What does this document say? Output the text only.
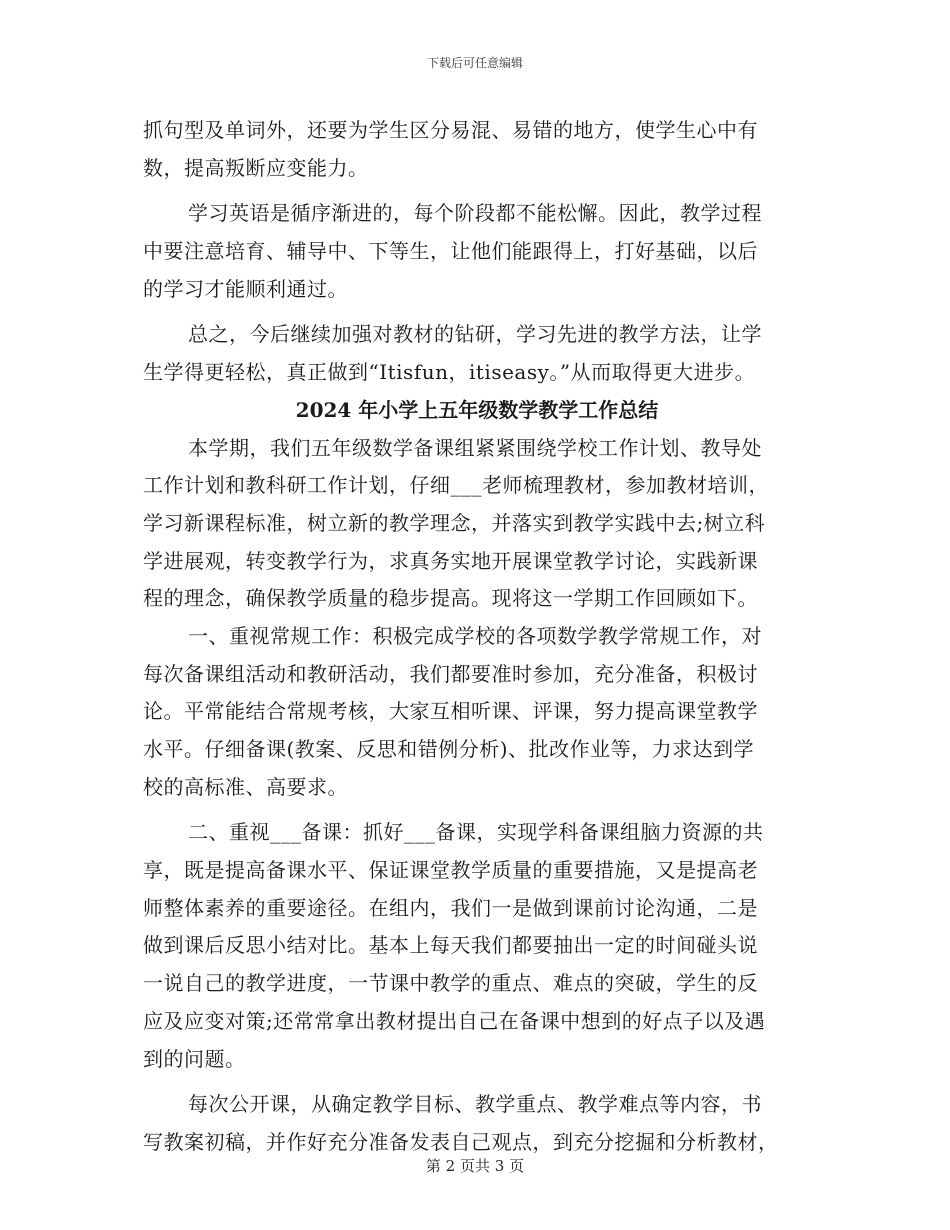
下载后可任意编辑
抓句型及单词外，还要为学生区分易混、易错的地方，使学生心中有
数，提高叛断应变能力。
学习英语是循序渐进的，每个阶段都不能松懈。因此，教学过程
中要注意培育、辅导中、下等生，让他们能跟得上，打好基础，以后
的学习才能顺利通过。
总之，今后继续加强对教材的钻研，学习先进的教学方法，让学
生学得更轻松，真正做到“Itisfun，itiseasy。”从而取得更大进步。
2024 年小学上五年级数学教学工作总结
本学期，我们五年级数学备课组紧紧围绕学校工作计划、教导处
工作计划和教科研工作计划，仔细___老师梳理教材，参加教材培训，
学习新课程标准，树立新的教学理念，并落实到教学实践中去;树立科
学进展观，转变教学行为，求真务实地开展课堂教学讨论，实践新课
程的理念，确保教学质量的稳步提高。现将这一学期工作回顾如下。
一、重视常规工作：积极完成学校的各项数学教学常规工作，对
每次备课组活动和教研活动，我们都要准时参加，充分准备，积极讨
论。平常能结合常规考核，大家互相听课、评课，努力提高课堂教学
水平。仔细备课(教案、反思和错例分析)、批改作业等，力求达到学
校的高标准、高要求。
二、重视___备课：抓好___备课，实现学科备课组脑力资源的共
享，既是提高备课水平、保证课堂教学质量的重要措施，又是提高老
师整体素养的重要途径。在组内，我们一是做到课前讨论沟通，二是
做到课后反思小结对比。基本上每天我们都要抽出一定的时间碰头说
一说自己的教学进度，一节课中教学的重点、难点的突破，学生的反
应及应变对策;还常常拿出教材提出自己在备课中想到的好点子以及遇
到的问题。
每次公开课，从确定教学目标、教学重点、教学难点等内容，书
写教案初稿，并作好充分准备发表自己观点，到充分挖掘和分析教材，
第 2 页共 3 页
